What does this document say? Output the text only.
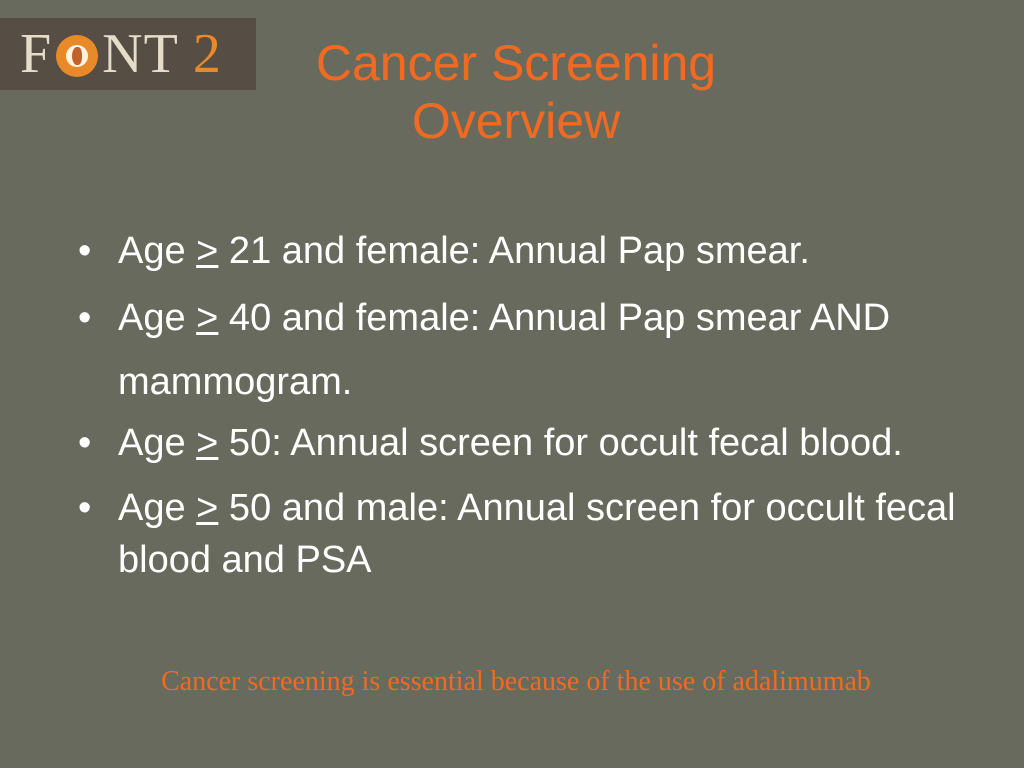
F NT 2	Cancer Screening
Overview
• Age ≥ 21 and female: Annual Pap smear.
• Age ≥ 40 and female: Annual Pap smear AND mammogram.
• Age ≥ 50: Annual screen for occult fecal blood.
• Age ≥ 50 and male: Annual screen for occult fecal blood and PSA
Cancer screening is essential because of the use of adalimumab
